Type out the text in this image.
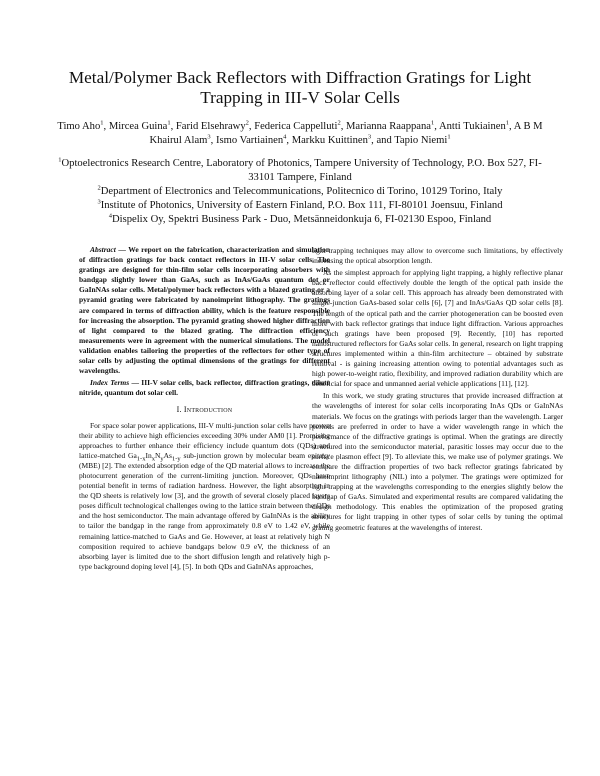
Metal/Polymer Back Reflectors with Diffraction Gratings for Light Trapping in III-V Solar Cells
Timo Aho$^1$, Mircea Guina$^1$, Farid Elsehrawy$^2$, Federica Cappelluti$^2$, Marianna Raappana$^1$, Antti Tukiainen$^1$, A B M Khairul Alam$^3$, Ismo Vartiainen$^4$, Markku Kuittinen$^3$, and Tapio Niemi$^1$

$^1$Optoelectronics Research Centre, Laboratory of Photonics, Tampere University of Technology, P.O. Box 527, FI-33101 Tampere, Finland

$^2$Department of Electronics and Telecommunications, Politecnico di Torino, 10129 Torino, Italy

$^3$Institute of Photonics, University of Eastern Finland, P.O. Box 111, FI-80101 Joensuu, Finland

$^4$Dispelix Oy, Spektri Business Park - Duo, Metsänneidonkuja 6, FI-02130 Espoo, Finland

Abstract — We report on the fabrication, characterization and simulation of diffraction gratings for back contact reflectors in III-V solar cells. The gratings are designed for thin-film solar cells incorporating absorbers with bandgap slightly lower than GaAs, such as InAs/GaAs quantum dot or GaInNAs solar cells. Metal/polymer back reflectors with a blazed grating or a pyramid grating were fabricated by nanoimprint lithography. The gratings are compared in terms of diffraction ability, which is the feature responsible for increasing the absorption. The pyramid grating showed higher diffraction of light compared to the blazed grating. The diffraction efficiency measurements were in agreement with the numerical simulations. The model validation enables tailoring the properties of the reflectors for other type of solar cells by adjusting the optimal dimensions of the gratings for different wavelengths.

Index Terms — III-V solar cells, back reflector, diffraction gratings, dilute nitride, quantum dot solar cell.

I. Introduction

For space solar power applications, III-V multi-junction solar cells have proven their ability to achieve high efficiencies exceeding 30% under AM0 [1]. Promising approaches to further enhance their efficiency include quantum dots (QDs) and lattice-matched $Ga_{1-x}In_xN_yAs_{1-y}$ sub-junction grown by molecular beam epitaxy (MBE) [2]. The extended absorption edge of the QD material allows to increase the photocurrent generation of the current-limiting junction. Moreover, QDs have potential benefit in terms of radiation hardness. However, the light absorption in the QD sheets is relatively low [3], and the growth of several closely placed layers poses difficult technological challenges owing to the lattice strain between the QDs and the host semiconductor. The main advantage offered by GaInNAs is the ability to tailor the bandgap in the range from approximately 0.8 eV to 1.42 eV, while remaining lattice-matched to GaAs and Ge. However, at least at relatively high N composition required to achieve bandgaps below 0.9 eV, the thickness of an absorbing layer is limited due to the short diffusion length and relatively high p-type background doping level [4], [5]. In both QDs and GaInNAs approaches,

light trapping techniques may allow to overcome such limitations, by effectively increasing the optical absorption length.

As the simplest approach for applying light trapping, a highly reflective planar back reflector could effectively double the length of the optical path inside the absorbing layer of a solar cell. This approach has already been demonstrated with single-junction GaAs-based solar cells [6], [7] and InAs/GaAs QD solar cells [8]. The length of the optical path and the carrier photogeneration can be boosted even more with back reflector gratings that induce light diffraction. Various approaches of such gratings have been proposed [9]. Recently, [10] has reported nanostructured reflectors for GaAs solar cells. In general, research on light trapping structures implemented within a thin-film architecture – obtained by substrate removal - is gaining increasing attention owing to potential advantages such as high power-to-weight ratio, flexibility, and improved radiation durability which are beneficial for space and unmanned aerial vehicle applications [11], [12].

In this work, we study grating structures that provide increased diffraction at the wavelengths of interest for solar cells incorporating InAs QDs or GaInNAs materials. We focus on the gratings with periods larger than the wavelength. Larger periods are preferred in order to have a wider wavelength range in which the performance of the diffractive gratings is optimal. When the gratings are directly structured into the semiconductor material, parasitic losses may occur due to the surface plasmon effect [9]. To alleviate this, we make use of polymer gratings. We compare the diffraction properties of two back reflector gratings fabricated by nanoimprint lithography (NIL) into a polymer. The gratings were optimized for light trapping at the wavelengths corresponding to the energies slightly below the bandgap of GaAs. Simulated and experimental results are compared validating the design methodology. This enables the optimization of the proposed grating structures for light trapping in other types of solar cells by tuning the optimal grating geometric features at the wavelengths of interest.
